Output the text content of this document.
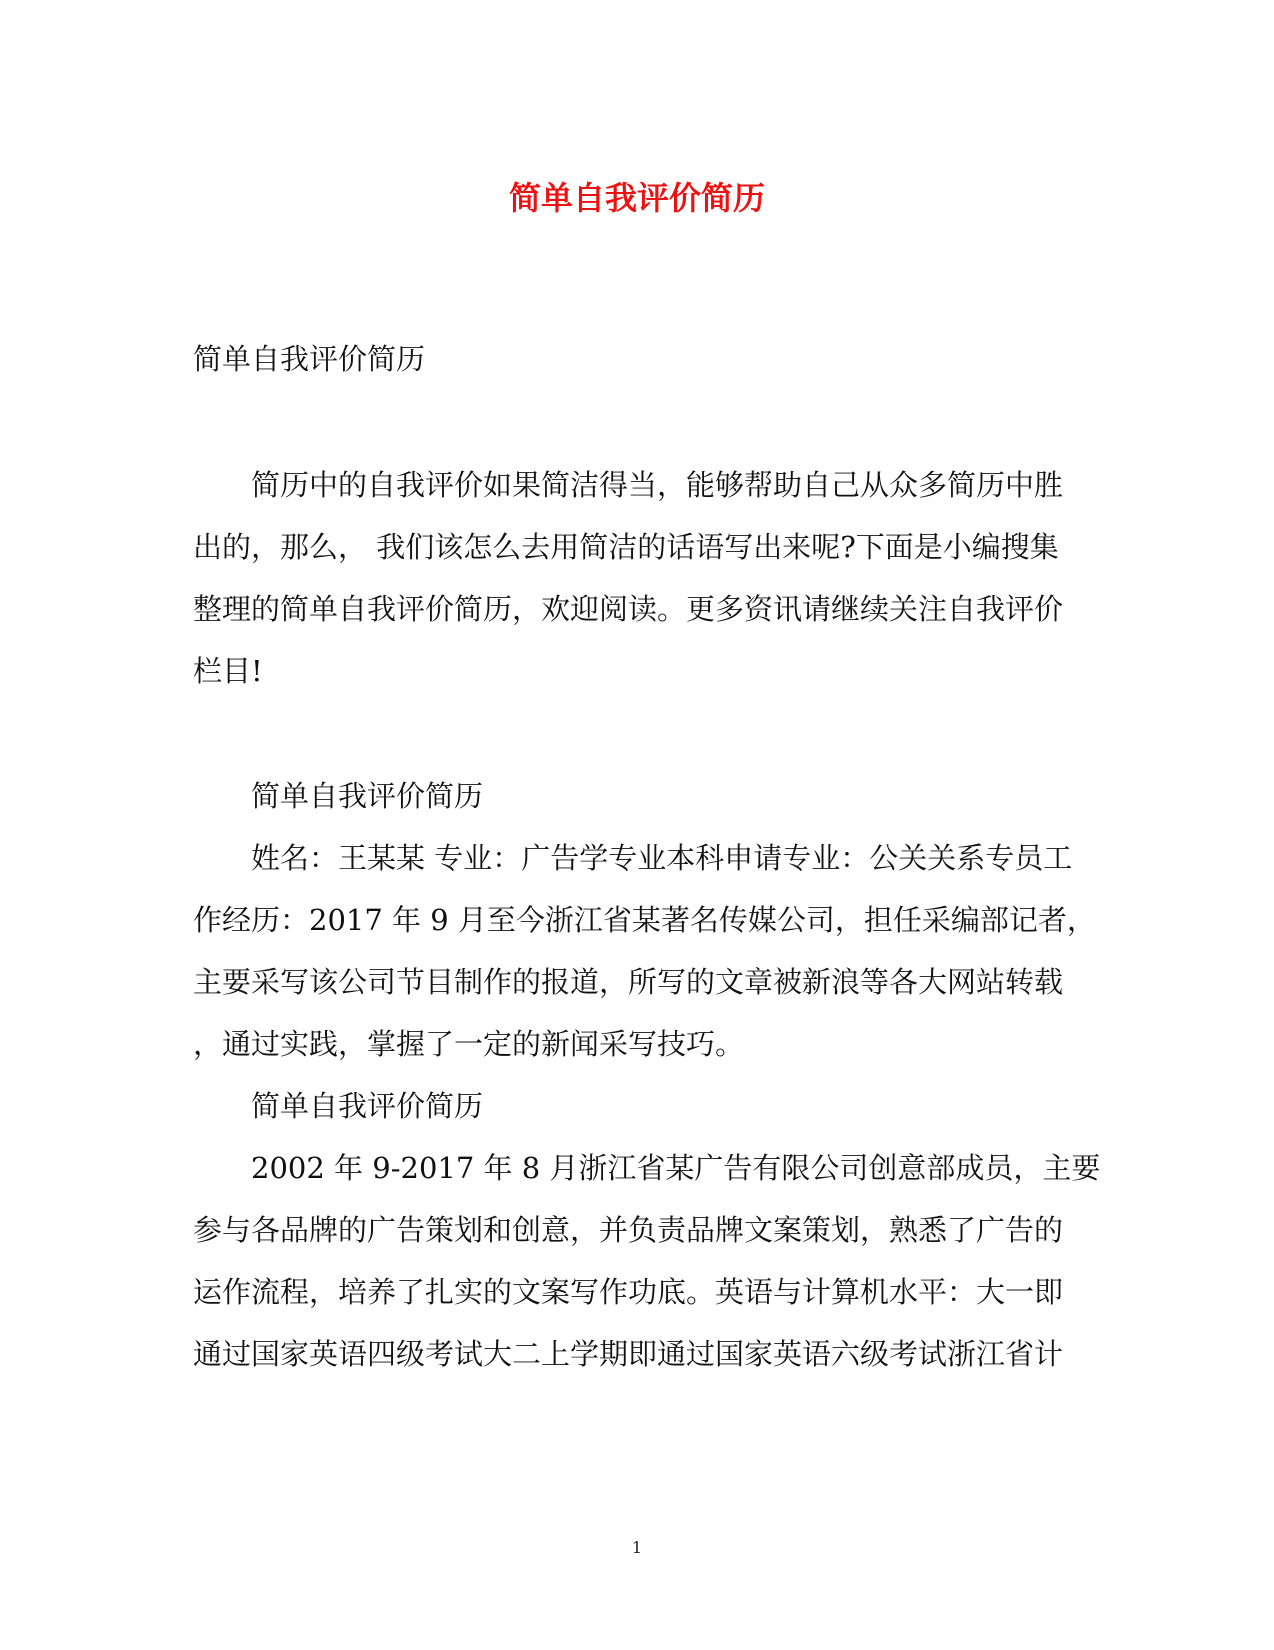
简单自我评价简历

简单自我评价简历

简历中的自我评价如果简洁得当，能够帮助自己从众多简历中胜

出的，那么， 我们该怎么去用简洁的话语写出来呢?下面是小编搜集

整理的简单自我评价简历，欢迎阅读。更多资讯请继续关注自我评价

栏目!

简单自我评价简历

姓名：王某某 专业：广告学专业本科申请专业：公关关系专员工

作经历：2017 年 9 月至今浙江省某著名传媒公司，担任采编部记者，

主要采写该公司节目制作的报道，所写的文章被新浪等各大网站转载

，通过实践，掌握了一定的新闻采写技巧。

简单自我评价简历

2002 年 9-2017 年 8 月浙江省某广告有限公司创意部成员，主要

参与各品牌的广告策划和创意，并负责品牌文案策划，熟悉了广告的

运作流程，培养了扎实的文案写作功底。英语与计算机水平：大一即

通过国家英语四级考试大二上学期即通过国家英语六级考试浙江省计

1
